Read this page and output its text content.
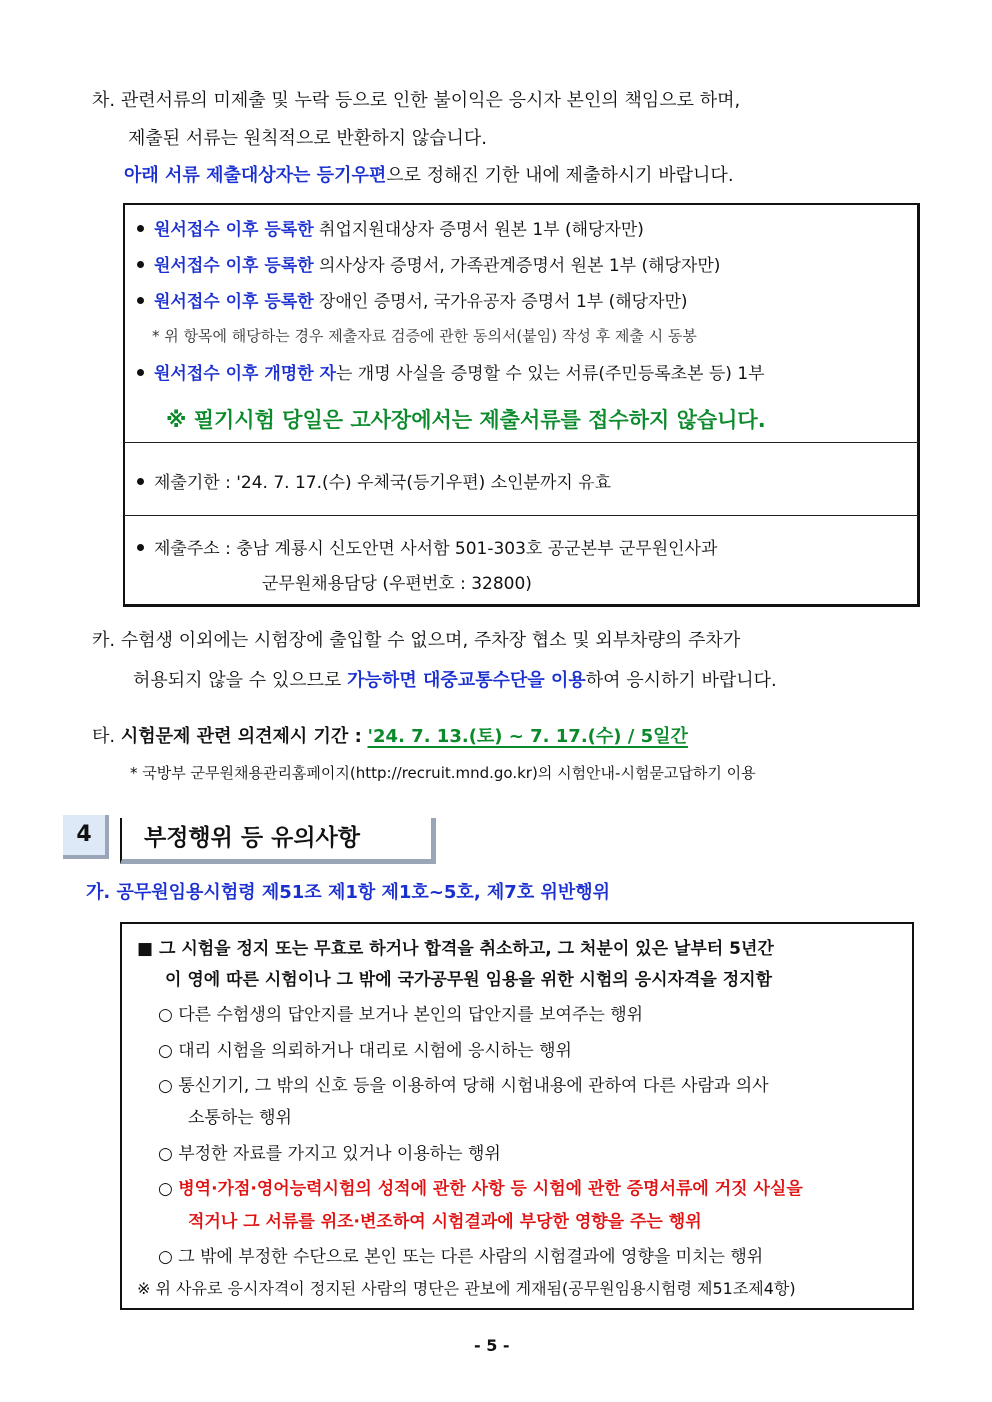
차. 관련서류의 미제출 및 누락 등으로 인한 불이익은 응시자 본인의 책임으로 하며,
제출된 서류는 원칙적으로 반환하지 않습니다.
아래 서류 제출대상자는 등기우편으로 정해진 기한 내에 제출하시기 바랍니다.
원서접수 이후 등록한 취업지원대상자 증명서 원본 1부 (해당자만)
원서접수 이후 등록한 의사상자 증명서, 가족관계증명서 원본 1부 (해당자만)
원서접수 이후 등록한 장애인 증명서, 국가유공자 증명서 1부 (해당자만)
* 위 항목에 해당하는 경우 제출자료 검증에 관한 동의서(붙임) 작성 후 제출 시 동봉
원서접수 이후 개명한 자는 개명 사실을 증명할 수 있는 서류(주민등록초본 등) 1부
※ 필기시험 당일은 고사장에서는 제출서류를 접수하지 않습니다.
제출기한 : '24. 7. 17.(수) 우체국(등기우편) 소인분까지 유효
제출주소 : 충남 계룡시 신도안면 사서함 501-303호 공군본부 군무원인사과
군무원채용담당 (우편번호 : 32800)
카. 수험생 이외에는 시험장에 출입할 수 없으며, 주차장 협소 및 외부차량의 주차가
허용되지 않을 수 있으므로 가능하면 대중교통수단을 이용하여 응시하기 바랍니다.
타. 시험문제 관련 의견제시 기간 : '24. 7. 13.(토) ~ 7. 17.(수) / 5일간
* 국방부 군무원채용관리홈페이지(http://recruit.mnd.go.kr)의 시험안내-시험묻고답하기 이용
4	부정행위 등 유의사항
가. 공무원임용시험령 제51조 제1항 제1호~5호, 제7호 위반행위
■ 그 시험을 정지 또는 무효로 하거나 합격을 취소하고, 그 처분이 있은 날부터 5년간
이 영에 따른 시험이나 그 밖에 국가공무원 임용을 위한 시험의 응시자격을 정지함
○ 다른 수험생의 답안지를 보거나 본인의 답안지를 보여주는 행위
○ 대리 시험을 의뢰하거나 대리로 시험에 응시하는 행위
○ 통신기기, 그 밖의 신호 등을 이용하여 당해 시험내용에 관하여 다른 사람과 의사
소통하는 행위
○ 부정한 자료를 가지고 있거나 이용하는 행위
○ 병역·가점·영어능력시험의 성적에 관한 사항 등 시험에 관한 증명서류에 거짓 사실을
적거나 그 서류를 위조·변조하여 시험결과에 부당한 영향을 주는 행위
○ 그 밖에 부정한 수단으로 본인 또는 다른 사람의 시험결과에 영향을 미치는 행위
※ 위 사유로 응시자격이 정지된 사람의 명단은 관보에 게재됨(공무원임용시험령 제51조제4항)
- 5 -
